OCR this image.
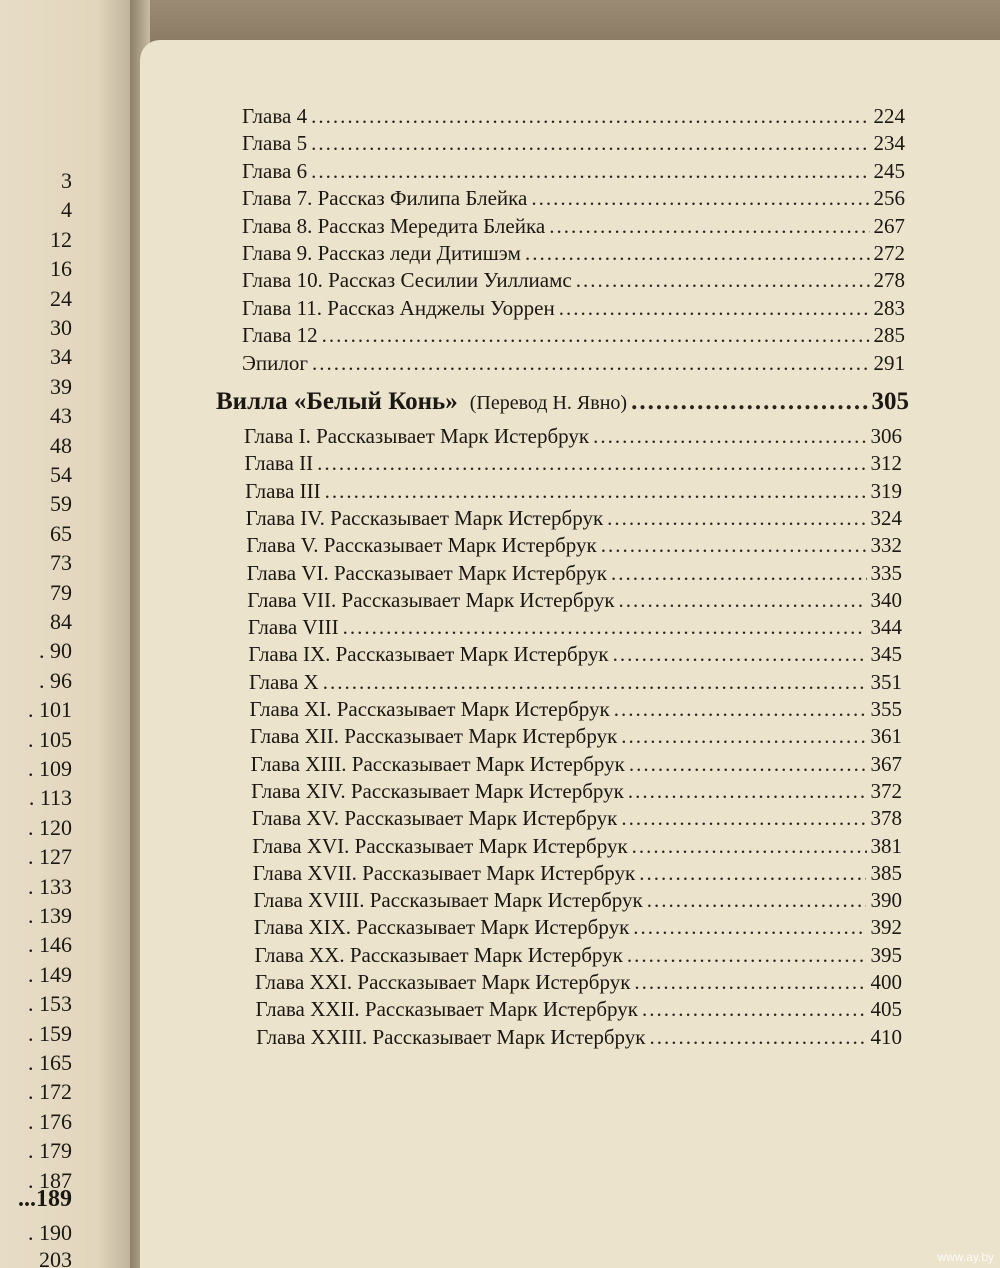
3
4
12
16
24
30
34
39
43
48
54
59
65
73
79
84
. 90
. 96
. 101
. 105
. 109
. 113
. 120
. 127
. 133
. 139
. 146
. 149
. 153
. 159
. 165
. 172
. 176
. 179
. 187
...189
. 190
203
Глава 4 .....	224
Глава 5 .....	234
Глава 6 .....	245
Глава 7. Рассказ Филипа Блейка .....	256
Глава 8. Рассказ Мередита Блейка .....	267
Глава 9. Рассказ леди Дитишэм .....	272
Глава 10. Рассказ Сесилии Уиллиамс .....	278
Глава 11. Рассказ Анджелы Уоррен .....	283
Глава 12 .....	285
Эпилог .....	291
Вилла «Белый Конь» (Перевод Н. Явно) .....	305
Глава I. Рассказывает Марк Истербрук .....	306
Глава II .....	312
Глава III .....	319
Глава IV. Рассказывает Марк Истербрук .....	324
Глава V. Рассказывает Марк Истербрук .....	332
Глава VI. Рассказывает Марк Истербрук .....	335
Глава VII. Рассказывает Марк Истербрук .....	340
Глава VIII .....	344
Глава IX. Рассказывает Марк Истербрук .....	345
Глава X .....	351
Глава XI. Рассказывает Марк Истербрук .....	355
Глава XII. Рассказывает Марк Истербрук .....	361
Глава XIII. Рассказывает Марк Истербрук .....	367
Глава XIV. Рассказывает Марк Истербрук .....	372
Глава XV. Рассказывает Марк Истербрук .....	378
Глава XVI. Рассказывает Марк Истербрук .....	381
Глава XVII. Рассказывает Марк Истербрук .....	385
Глава XVIII. Рассказывает Марк Истербрук .....	390
Глава XIX. Рассказывает Марк Истербрук .....	392
Глава XX. Рассказывает Марк Истербрук .....	395
Глава XXI. Рассказывает Марк Истербрук .....	400
Глава XXII. Рассказывает Марк Истербрук .....	405
Глава XXIII. Рассказывает Марк Истербрук .....	410
www.ay.by
